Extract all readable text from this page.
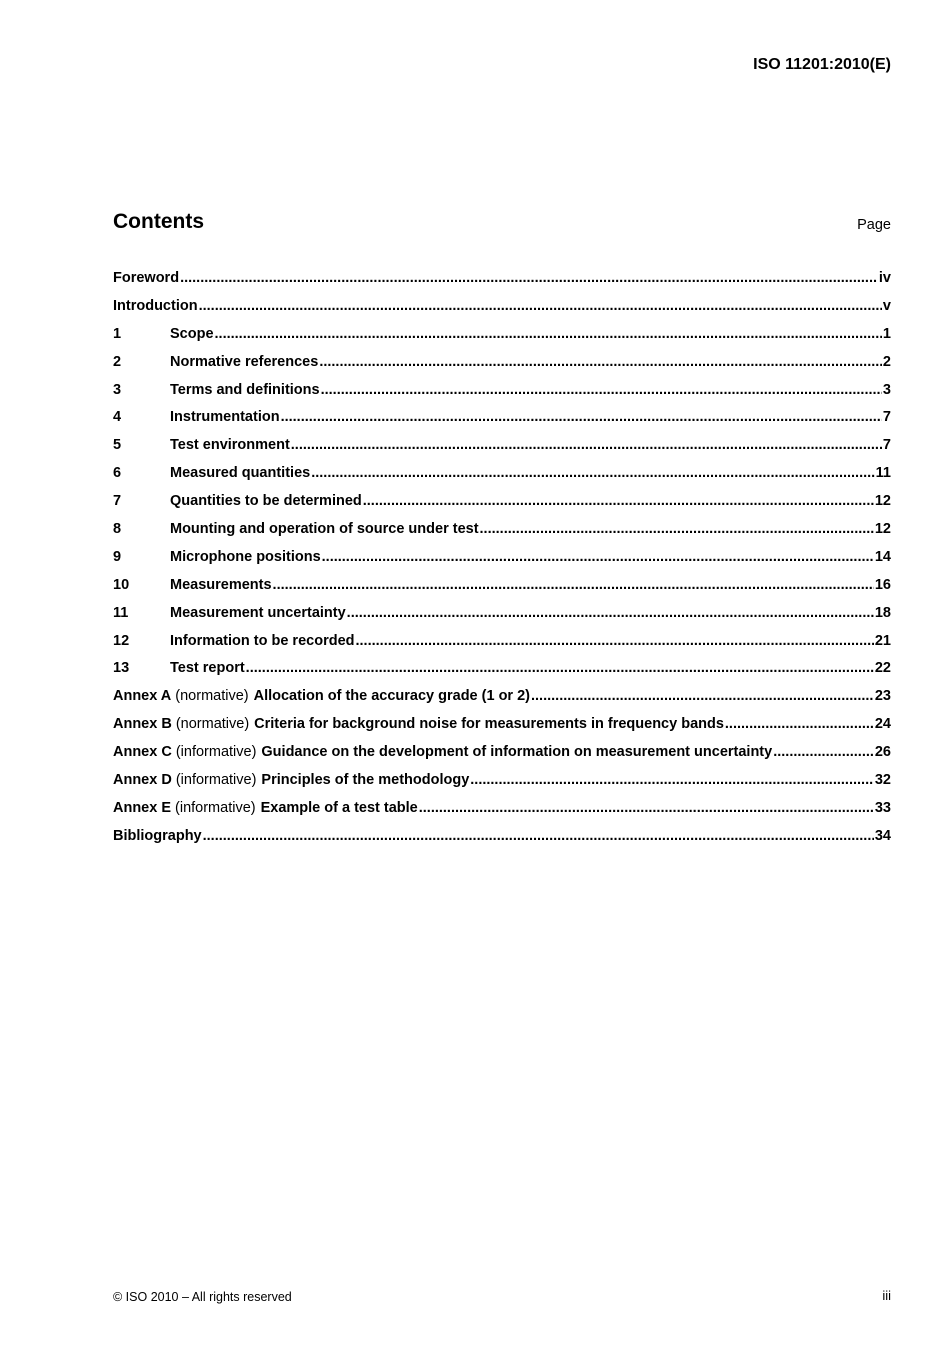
ISO 11201:2010(E)
Contents	Page
Foreword .....	iv
Introduction .....	v
1	Scope .....	1
2	Normative references .....	2
3	Terms and definitions .....	3
4	Instrumentation .....	7
5	Test environment .....	7
6	Measured quantities .....	11
7	Quantities to be determined .....	12
8	Mounting and operation of source under test .....	12
9	Microphone positions .....	14
10	Measurements .....	16
11	Measurement uncertainty .....	18
12	Information to be recorded .....	21
13	Test report .....	22
Annex A (normative) Allocation of the accuracy grade (1 or 2) .....	23
Annex B (normative) Criteria for background noise for measurements in frequency bands .....	24
Annex C (informative) Guidance on the development of information on measurement uncertainty .....	26
Annex D (informative) Principles of the methodology .....	32
Annex E (informative) Example of a test table .....	33
Bibliography .....	34
© ISO 2010 – All rights reserved	iii
